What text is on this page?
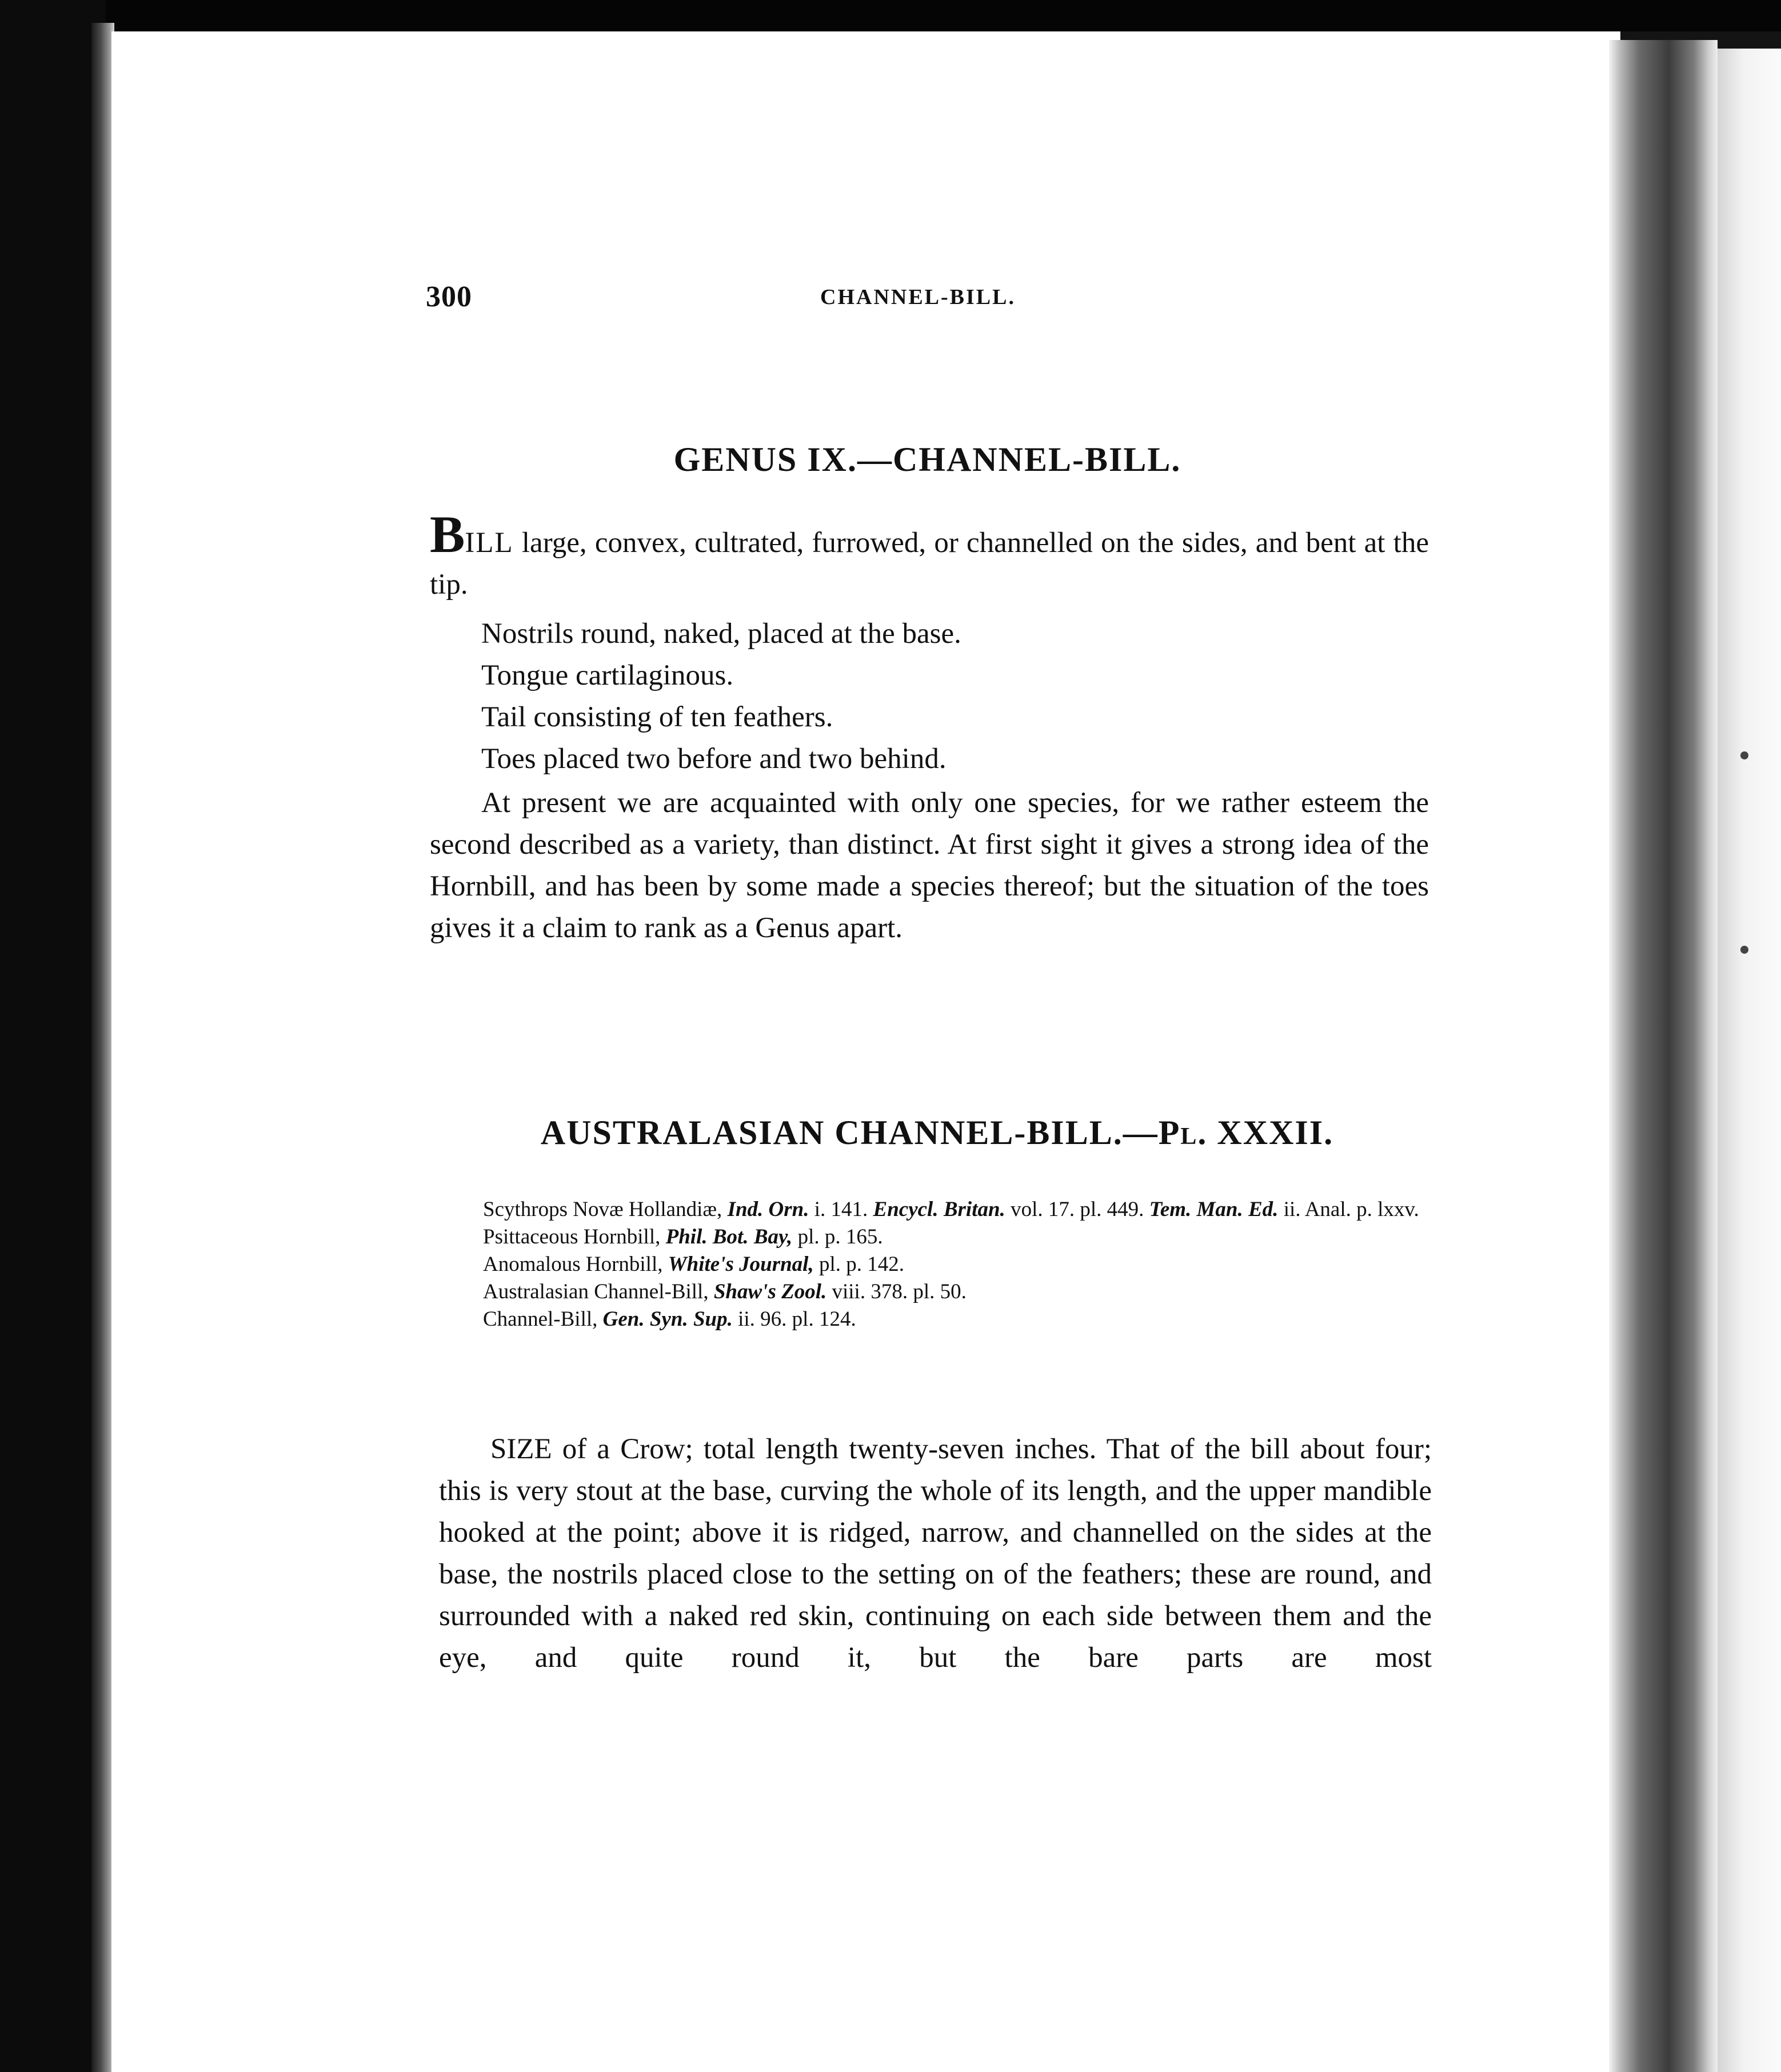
300	CHANNEL-BILL.
GENUS IX.—CHANNEL-BILL.

BILL large, convex, cultrated, furrowed, or channelled on the sides, and bent at the tip.

Nostrils round, naked, placed at the base.
Tongue cartilaginous.
Tail consisting of ten feathers.
Toes placed two before and two behind.

At present we are acquainted with only one species, for we rather esteem the second described as a variety, than distinct. At first sight it gives a strong idea of the Hornbill, and has been by some made a species thereof; but the situation of the toes gives it a claim to rank as a Genus apart.

AUSTRALASIAN CHANNEL-BILL.—Pl. XXXII.

Scythrops Novæ Hollandiæ, Ind. Orn. i. 141. Encycl. Britan. vol. 17. pl. 449. Tem. Man. Ed. ii. Anal. p. lxxv.

Psittaceous Hornbill, Phil. Bot. Bay, pl. p. 165.

Anomalous Hornbill, White's Journal, pl. p. 142.

Australasian Channel-Bill, Shaw's Zool. viii. 378. pl. 50.

Channel-Bill, Gen. Syn. Sup. ii. 96. pl. 124.

SIZE of a Crow; total length twenty-seven inches. That of the bill about four; this is very stout at the base, curving the whole of its length, and the upper mandible hooked at the point; above it is ridged, narrow, and channelled on the sides at the base, the nostrils placed close to the setting on of the feathers; these are round, and surrounded with a naked red skin, continuing on each side between them and the eye, and quite round it, but the bare parts are most
